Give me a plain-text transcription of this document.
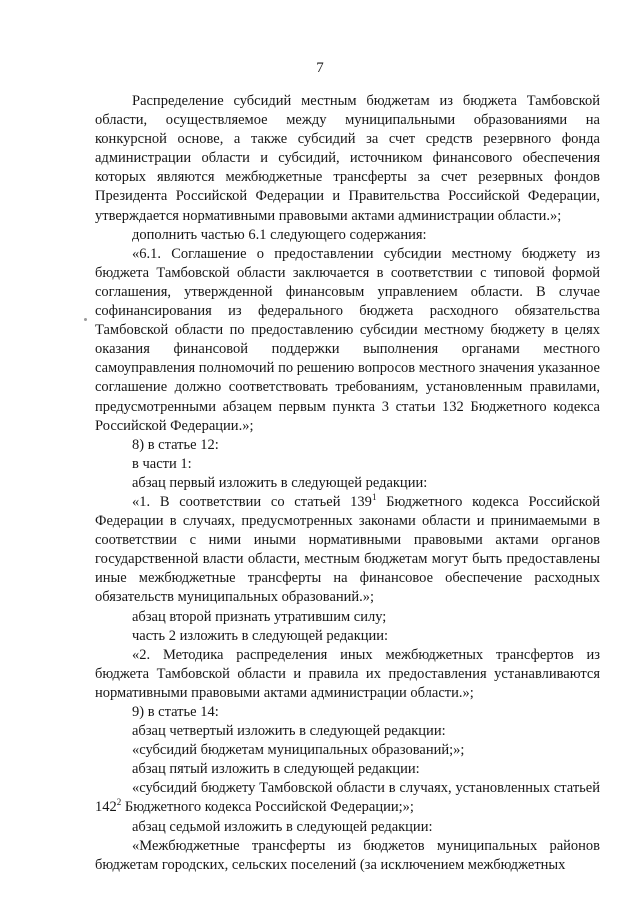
7

Распределение субсидий местным бюджетам из бюджета Тамбовской области, осуществляемое между муниципальными образованиями на конкурсной основе, а также субсидий за счет средств резервного фонда администрации области и субсидий, источником финансового обеспечения которых являются межбюджетные трансферты за счет резервных фондов Президента Российской Федерации и Правительства Российской Федерации, утверждается нормативными правовыми актами администрации области.»;

дополнить частью 6.1 следующего содержания:

«6.1. Соглашение о предоставлении субсидии местному бюджету из бюджета Тамбовской области заключается в соответствии с типовой формой соглашения, утвержденной финансовым управлением области. В случае софинансирования из федерального бюджета расходного обязательства Тамбовской области по предоставлению субсидии местному бюджету в целях оказания финансовой поддержки выполнения органами местного самоуправления полномочий по решению вопросов местного значения указанное соглашение должно соответствовать требованиям, установленным правилами, предусмотренными абзацем первым пункта 3 статьи 132 Бюджетного кодекса Российской Федерации.»;

8) в статье 12:

в части 1:

абзац первый изложить в следующей редакции:

«1. В соответствии со статьей $139^1$ Бюджетного кодекса Российской Федерации в случаях, предусмотренных законами области и принимаемыми в соответствии с ними иными нормативными правовыми актами органов государственной власти области, местным бюджетам могут быть предоставлены иные межбюджетные трансферты на финансовое обеспечение расходных обязательств муниципальных образований.»;

абзац второй признать утратившим силу;

часть 2 изложить в следующей редакции:

«2. Методика распределения иных межбюджетных трансфертов из бюджета Тамбовской области и правила их предоставления устанавливаются нормативными правовыми актами администрации области.»;

9) в статье 14:

абзац четвертый изложить в следующей редакции:

«субсидий бюджетам муниципальных образований;»;

абзац пятый изложить в следующей редакции:

«субсидий бюджету Тамбовской области в случаях, установленных статьей $142^2$ Бюджетного кодекса Российской Федерации;»;

абзац седьмой изложить в следующей редакции:

«Межбюджетные трансферты из бюджетов муниципальных районов бюджетам городских, сельских поселений (за исключением межбюджетных
